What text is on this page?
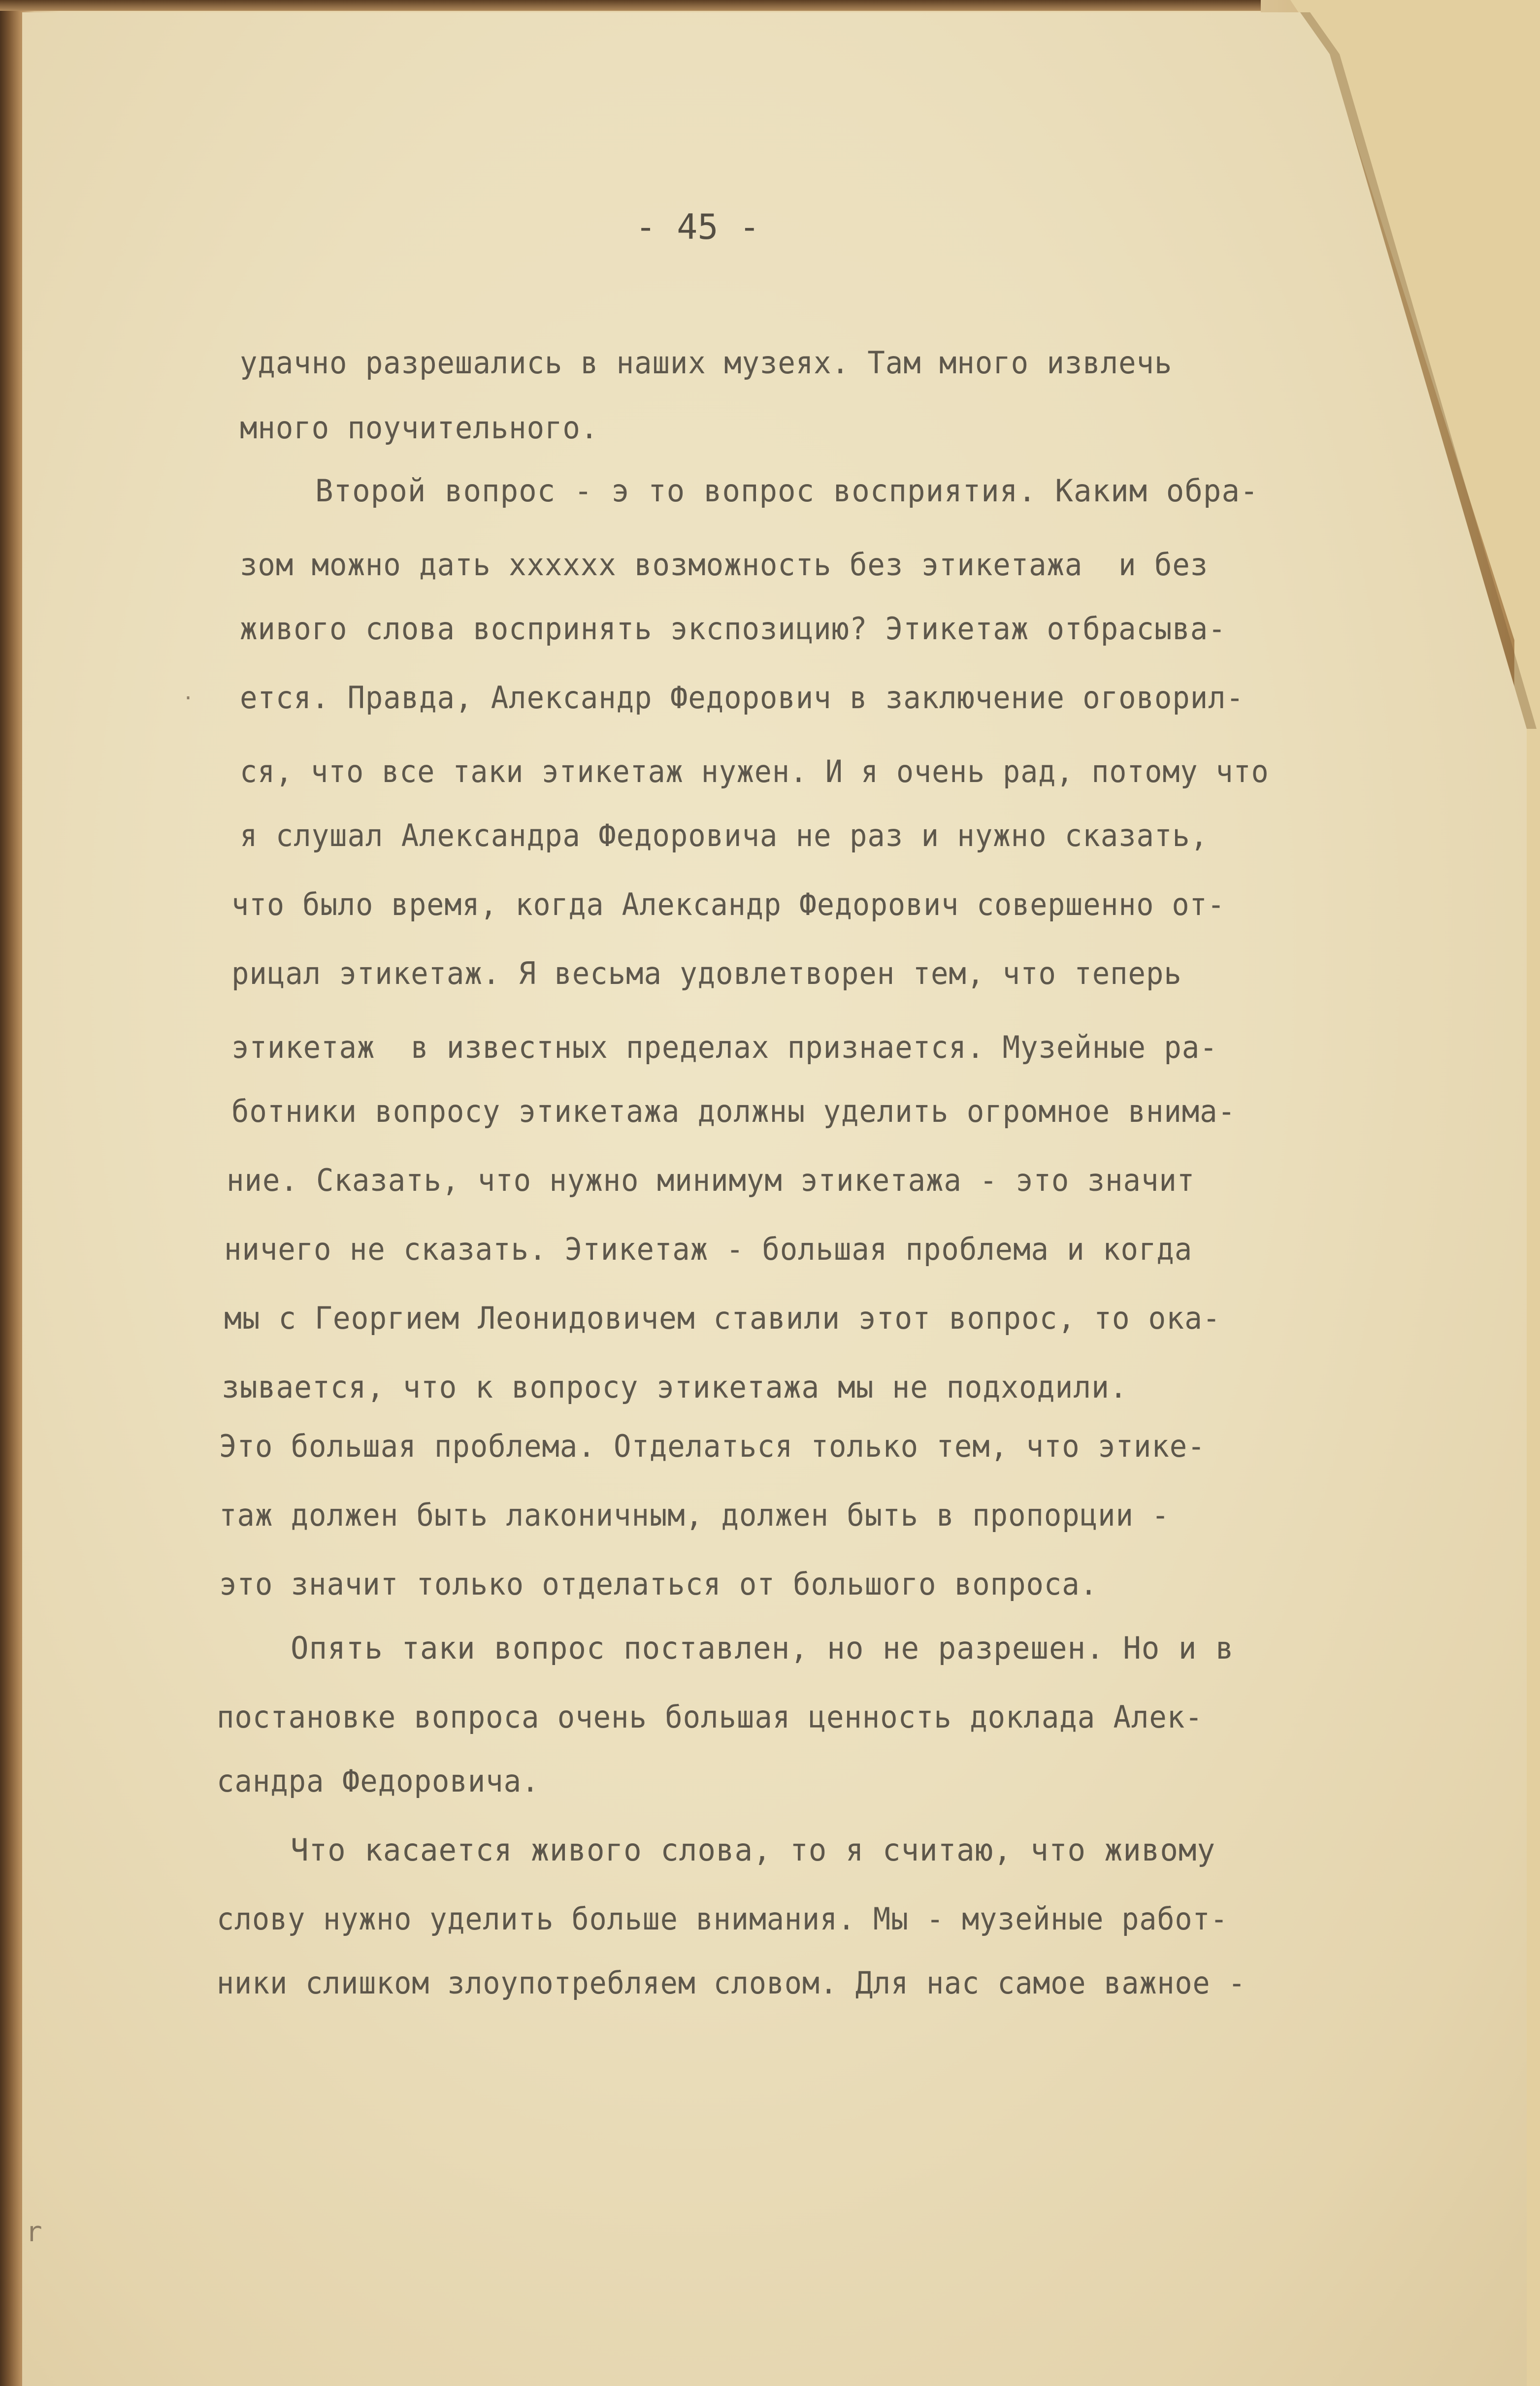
- 45 -
удачно разрешались в наших музеях. Там много извлечь
много поучительного.
Второй вопрос - э то вопрос восприятия. Каким обра-
зом можно дать xxxxxx возможность без этикетажа  и без
живого слова воспринять экспозицию? Этикетаж отбрасыва-
ется. Правда, Александр Федорович в заключение оговорил-
ся, что все таки этикетаж нужен. И я очень рад, потому что
я слушал Александра Федоровича не раз и нужно сказать,
что было время, когда Александр Федорович совершенно от-
рицал этикетаж. Я весьма удовлетворен тем, что теперь
этикетаж  в известных пределах признается. Музейные ра-
ботники вопросу этикетажа должны уделить огромное внима-
ние. Сказать, что нужно минимум этикетажа - это значит
ничего не сказать. Этикетаж - большая проблема и когда
мы с Георгием Леонидовичем ставили этот вопрос, то ока-
зывается, что к вопросу этикетажа мы не подходили.
Это большая проблема. Отделаться только тем, что этике-
таж должен быть лаконичным, должен быть в пропорции -
это значит только отделаться от большого вопроса.
Опять таки вопрос поставлен, но не разрешен. Но и в
постановке вопроса очень большая ценность доклада Алек-
сандра Федоровича.
Что касается живого слова, то я считаю, что живому
слову нужно уделить больше внимания. Мы - музейные работ-
ники слишком злоупотребляем словом. Для нас самое важное -
·
r
